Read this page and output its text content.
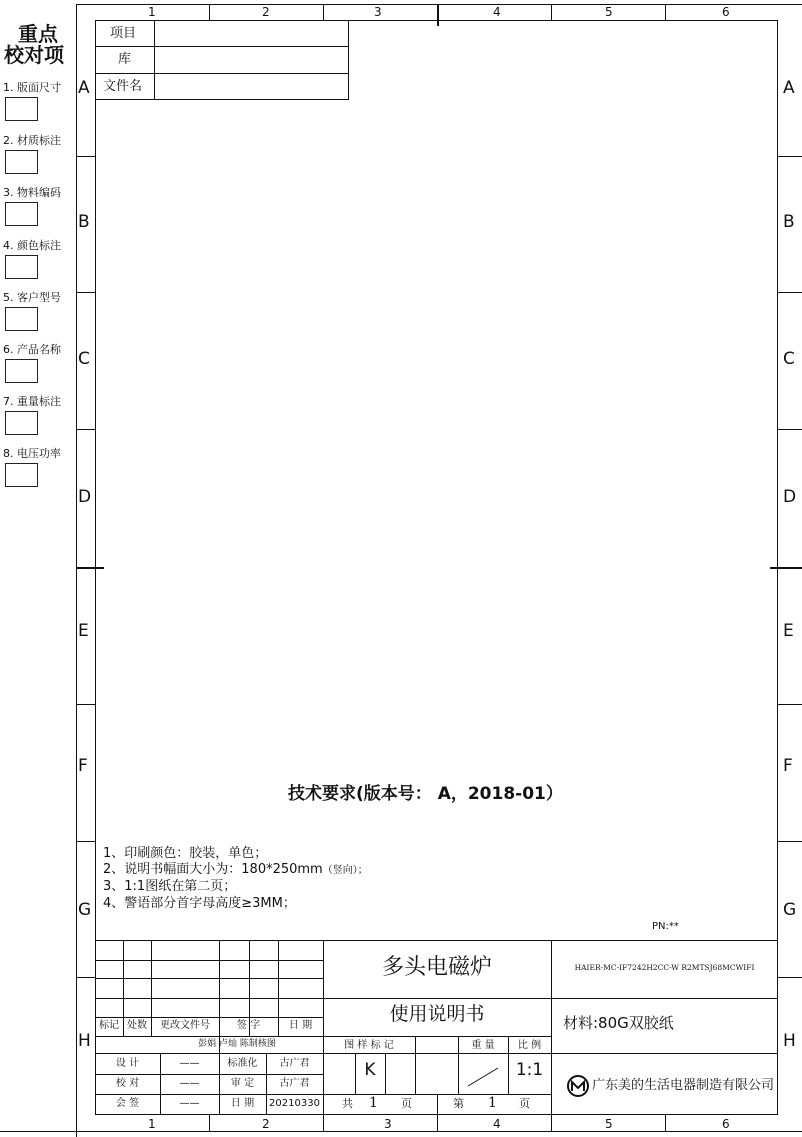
重点
校对项
1. 版面尺寸
2. 材质标注
3. 物料编码
4. 颜色标注
5. 客户型号
6. 产品名称
7. 重量标注
8. 电压功率
1	2	3	4	5	6
1	2	3	4	5	6
A
B
C
D
E
F
G
H
A
B
C
D
E
F
G
H
项目
库
文件名
技术要求(版本号： A，2018-01）
1、印刷颜色：胶装，单色；
2、说明书幅面大小为：180*250mm（竖向）；
3、1:1图纸在第二页；
4、警语部分首字母高度≥3MM；
PN:**
标记 处数	更改文件号	签 字	日 期
彭娟 卢灿 陈制核图
设 计	——	标准化	古广君
校 对	——	审 定	古广君
会 签	——	日 期	20210330
多头电磁炉
使用说明书
图 样 标 记	重 量	比 例
K	1:1
共 1 页	第 1 页
HAIER-MC-IF7242H2CC-W R2MTSJ68MCWIFI
材料:80G双胶纸
广东美的生活电器制造有限公司
